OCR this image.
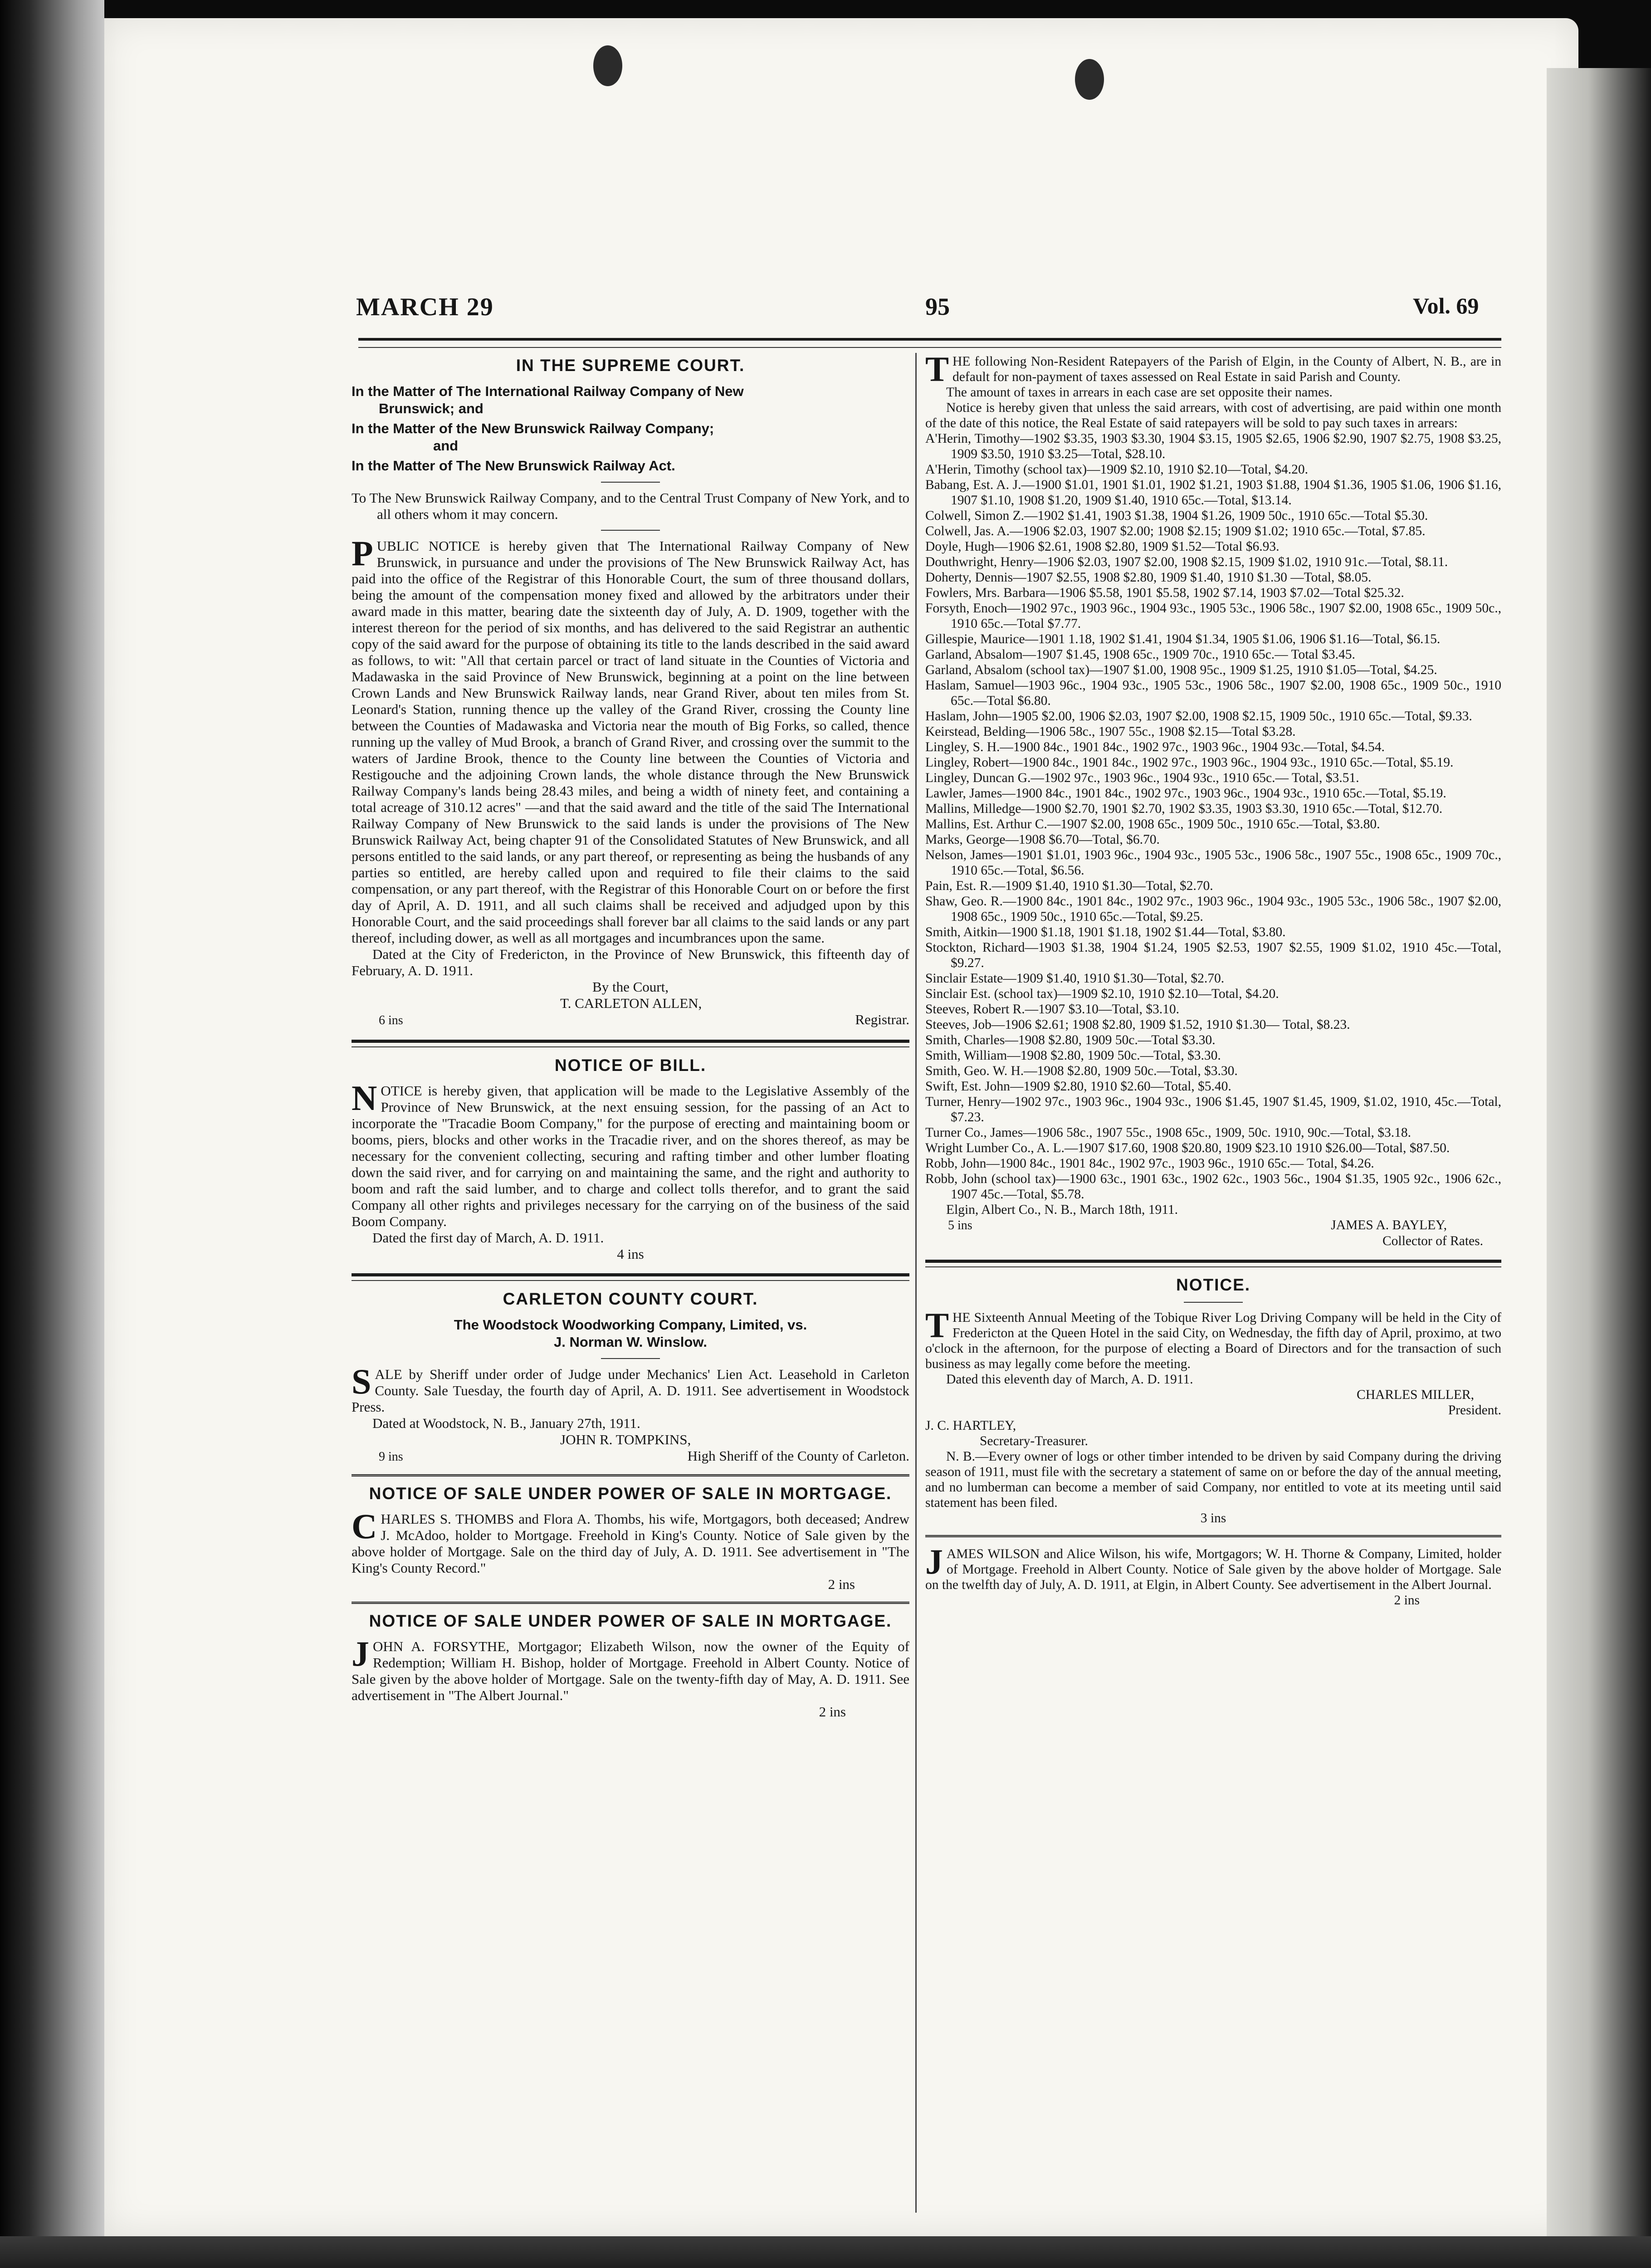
MARCH 29	95	Vol. 69
IN THE SUPREME COURT.
In the Matter of The International Railway Company of New
Brunswick; and
In the Matter of the New Brunswick Railway Company;
and
In the Matter of The New Brunswick Railway Act.

To The New Brunswick Railway Company, and to the Central Trust Company of New York, and to all others whom it may concern.

PUBLIC NOTICE is hereby given that The International Railway Company of New Brunswick, in pursuance and under the provisions of The New Brunswick Railway Act, has paid into the office of the Registrar of this Honorable Court, the sum of three thousand dollars, being the amount of the compensation money fixed and allowed by the arbitrators under their award made in this matter, bearing date the sixteenth day of July, A. D. 1909, together with the interest thereon for the period of six months, and has delivered to the said Registrar an authentic copy of the said award for the purpose of obtaining its title to the lands described in the said award as follows, to wit: "All that certain parcel or tract of land situate in the Counties of Victoria and Madawaska in the said Province of New Brunswick, beginning at a point on the line between Crown Lands and New Brunswick Railway lands, near Grand River, about ten miles from St. Leonard's Station, running thence up the valley of the Grand River, crossing the County line between the Counties of Madawaska and Victoria near the mouth of Big Forks, so called, thence running up the valley of Mud Brook, a branch of Grand River, and crossing over the summit to the waters of Jardine Brook, thence to the County line between the Counties of Victoria and Restigouche and the adjoining Crown lands, the whole distance through the New Brunswick Railway Company's lands being 28.43 miles, and being a width of ninety feet, and containing a total acreage of 310.12 acres" —and that the said award and the title of the said The International Railway Company of New Brunswick to the said lands is under the provisions of The New Brunswick Railway Act, being chapter 91 of the Consolidated Statutes of New Brunswick, and all persons entitled to the said lands, or any part thereof, or representing as being the husbands of any parties so entitled, are hereby called upon and required to file their claims to the said compensation, or any part thereof, with the Registrar of this Honorable Court on or before the first day of April, A. D. 1911, and all such claims shall be received and adjudged upon by this Honorable Court, and the said proceedings shall forever bar all claims to the said lands or any part thereof, including dower, as well as all mortgages and incumbrances upon the same.

Dated at the City of Fredericton, in the Province of New Brunswick, this fifteenth day of February, A. D. 1911.

By the Court,

T. CARLETON ALLEN,

6 ins	Registrar.
NOTICE OF BILL.

NOTICE is hereby given, that application will be made to the Legislative Assembly of the Province of New Brunswick, at the next ensuing session, for the passing of an Act to incorporate the "Tracadie Boom Company," for the purpose of erecting and maintaining boom or booms, piers, blocks and other works in the Tracadie river, and on the shores thereof, as may be necessary for the convenient collecting, securing and rafting timber and other lumber floating down the said river, and for carrying on and maintaining the same, and the right and authority to boom and raft the said lumber, and to charge and collect tolls therefor, and to grant the said Company all other rights and privileges necessary for the carrying on of the business of the said Boom Company.

Dated the first day of March, A. D. 1911.

4 ins

CARLETON COUNTY COURT.

The Woodstock Woodworking Company, Limited, vs.

J. Norman W. Winslow.

SALE by Sheriff under order of Judge under Mechanics' Lien Act. Leasehold in Carleton County. Sale Tuesday, the fourth day of April, A. D. 1911. See advertisement in Woodstock Press.

Dated at Woodstock, N. B., January 27th, 1911.

JOHN R. TOMPKINS,

9 ins	High Sheriff of the County of Carleton.
NOTICE OF SALE UNDER POWER OF SALE IN MORTGAGE.

CHARLES S. THOMBS and Flora A. Thombs, his wife, Mortgagors, both deceased; Andrew J. McAdoo, holder to Mortgage. Freehold in King's County. Notice of Sale given by the above holder of Mortgage. Sale on the third day of July, A. D. 1911. See advertisement in "The King's County Record."

2 ins

NOTICE OF SALE UNDER POWER OF SALE IN MORTGAGE.

JOHN A. FORSYTHE, Mortgagor; Elizabeth Wilson, now the owner of the Equity of Redemption; William H. Bishop, holder of Mortgage. Freehold in Albert County. Notice of Sale given by the above holder of Mortgage. Sale on the twenty-fifth day of May, A. D. 1911. See advertisement in "The Albert Journal."

2 ins

THE following Non-Resident Ratepayers of the Parish of Elgin, in the County of Albert, N. B., are in default for non-payment of taxes assessed on Real Estate in said Parish and County.

The amount of taxes in arrears in each case are set opposite their names.

Notice is hereby given that unless the said arrears, with cost of advertising, are paid within one month of the date of this notice, the Real Estate of said ratepayers will be sold to pay such taxes in arrears:

A'Herin, Timothy—1902 $3.35, 1903 $3.30, 1904 $3.15, 1905 $2.65, 1906 $2.90, 1907 $2.75, 1908 $3.25, 1909 $3.50, 1910 $3.25—Total, $28.10.

A'Herin, Timothy (school tax)—1909 $2.10, 1910 $2.10—Total, $4.20.

Babang, Est. A. J.—1900 $1.01, 1901 $1.01, 1902 $1.21, 1903 $1.88, 1904 $1.36, 1905 $1.06, 1906 $1.16, 1907 $1.10, 1908 $1.20, 1909 $1.40, 1910 65c.—Total, $13.14.

Colwell, Simon Z.—1902 $1.41, 1903 $1.38, 1904 $1.26, 1909 50c., 1910 65c.—Total $5.30.

Colwell, Jas. A.—1906 $2.03, 1907 $2.00; 1908 $2.15; 1909 $1.02; 1910 65c.—Total, $7.85.

Doyle, Hugh—1906 $2.61, 1908 $2.80, 1909 $1.52—Total $6.93.

Douthwright, Henry—1906 $2.03, 1907 $2.00, 1908 $2.15, 1909 $1.02, 1910 91c.—Total, $8.11.

Doherty, Dennis—1907 $2.55, 1908 $2.80, 1909 $1.40, 1910 $1.30 —Total, $8.05.

Fowlers, Mrs. Barbara—1906 $5.58, 1901 $5.58, 1902 $7.14, 1903 $7.02—Total $25.32.

Forsyth, Enoch—1902 97c., 1903 96c., 1904 93c., 1905 53c., 1906 58c., 1907 $2.00, 1908 65c., 1909 50c., 1910 65c.—Total $7.77.

Gillespie, Maurice—1901 1.18, 1902 $1.41, 1904 $1.34, 1905 $1.06, 1906 $1.16—Total, $6.15.

Garland, Absalom—1907 $1.45, 1908 65c., 1909 70c., 1910 65c.— Total $3.45.

Garland, Absalom (school tax)—1907 $1.00, 1908 95c., 1909 $1.25, 1910 $1.05—Total, $4.25.

Haslam, Samuel—1903 96c., 1904 93c., 1905 53c., 1906 58c., 1907 $2.00, 1908 65c., 1909 50c., 1910 65c.—Total $6.80.

Haslam, John—1905 $2.00, 1906 $2.03, 1907 $2.00, 1908 $2.15, 1909 50c., 1910 65c.—Total, $9.33.

Keirstead, Belding—1906 58c., 1907 55c., 1908 $2.15—Total $3.28.

Lingley, S. H.—1900 84c., 1901 84c., 1902 97c., 1903 96c., 1904 93c.—Total, $4.54.

Lingley, Robert—1900 84c., 1901 84c., 1902 97c., 1903 96c., 1904 93c., 1910 65c.—Total, $5.19.

Lingley, Duncan G.—1902 97c., 1903 96c., 1904 93c., 1910 65c.— Total, $3.51.

Lawler, James—1900 84c., 1901 84c., 1902 97c., 1903 96c., 1904 93c., 1910 65c.—Total, $5.19.

Mallins, Milledge—1900 $2.70, 1901 $2.70, 1902 $3.35, 1903 $3.30, 1910 65c.—Total, $12.70.

Mallins, Est. Arthur C.—1907 $2.00, 1908 65c., 1909 50c., 1910 65c.—Total, $3.80.

Marks, George—1908 $6.70—Total, $6.70.

Nelson, James—1901 $1.01, 1903 96c., 1904 93c., 1905 53c., 1906 58c., 1907 55c., 1908 65c., 1909 70c., 1910 65c.—Total, $6.56.

Pain, Est. R.—1909 $1.40, 1910 $1.30—Total, $2.70.

Shaw, Geo. R.—1900 84c., 1901 84c., 1902 97c., 1903 96c., 1904 93c., 1905 53c., 1906 58c., 1907 $2.00, 1908 65c., 1909 50c., 1910 65c.—Total, $9.25.

Smith, Aitkin—1900 $1.18, 1901 $1.18, 1902 $1.44—Total, $3.80.

Stockton, Richard—1903 $1.38, 1904 $1.24, 1905 $2.53, 1907 $2.55, 1909 $1.02, 1910 45c.—Total, $9.27.

Sinclair Estate—1909 $1.40, 1910 $1.30—Total, $2.70.

Sinclair Est. (school tax)—1909 $2.10, 1910 $2.10—Total, $4.20.

Steeves, Robert R.—1907 $3.10—Total, $3.10.

Steeves, Job—1906 $2.61; 1908 $2.80, 1909 $1.52, 1910 $1.30— Total, $8.23.

Smith, Charles—1908 $2.80, 1909 50c.—Total $3.30.

Smith, William—1908 $2.80, 1909 50c.—Total, $3.30.

Smith, Geo. W. H.—1908 $2.80, 1909 50c.—Total, $3.30.

Swift, Est. John—1909 $2.80, 1910 $2.60—Total, $5.40.

Turner, Henry—1902 97c., 1903 96c., 1904 93c., 1906 $1.45, 1907 $1.45, 1909, $1.02, 1910, 45c.—Total, $7.23.

Turner Co., James—1906 58c., 1907 55c., 1908 65c., 1909, 50c. 1910, 90c.—Total, $3.18.

Wright Lumber Co., A. L.—1907 $17.60, 1908 $20.80, 1909 $23.10 1910 $26.00—Total, $87.50.

Robb, John—1900 84c., 1901 84c., 1902 97c., 1903 96c., 1910 65c.— Total, $4.26.

Robb, John (school tax)—1900 63c., 1901 63c., 1902 62c., 1903 56c., 1904 $1.35, 1905 92c., 1906 62c., 1907 45c.—Total, $5.78.

Elgin, Albert Co., N. B., March 18th, 1911.

5 ins	JAMES A. BAYLEY,

Collector of Rates.

NOTICE.

THE Sixteenth Annual Meeting of the Tobique River Log Driving Company will be held in the City of Fredericton at the Queen Hotel in the said City, on Wednesday, the fifth day of April, proximo, at two o'clock in the afternoon, for the purpose of electing a Board of Directors and for the transaction of such business as may legally come before the meeting.

Dated this eleventh day of March, A. D. 1911.

CHARLES MILLER,

President.

J. C. HARTLEY,

Secretary-Treasurer.

N. B.—Every owner of logs or other timber intended to be driven by said Company during the driving season of 1911, must file with the secretary a statement of same on or before the day of the annual meeting, and no lumberman can become a member of said Company, nor entitled to vote at its meeting until said statement has been filed.

3 ins

JAMES WILSON and Alice Wilson, his wife, Mortgagors; W. H. Thorne & Company, Limited, holder of Mortgage. Freehold in Albert County. Notice of Sale given by the above holder of Mortgage. Sale on the twelfth day of July, A. D. 1911, at Elgin, in Albert County. See advertisement in the Albert Journal.

2 ins
